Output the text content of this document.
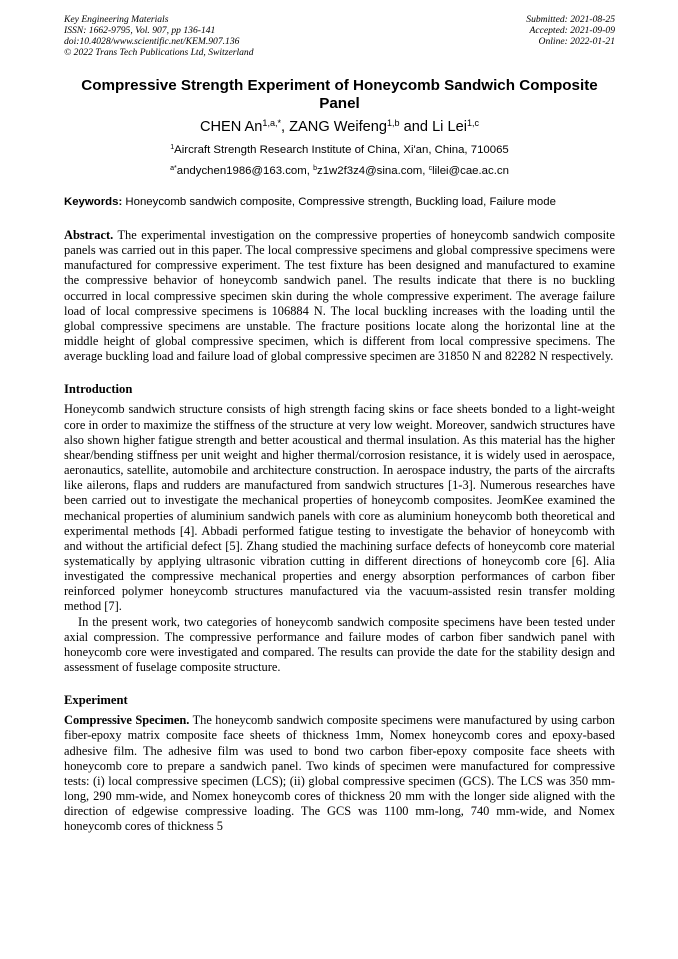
Key Engineering Materials
ISSN: 1662-9795, Vol. 907, pp 136-141
doi:10.4028/www.scientific.net/KEM.907.136
© 2022 Trans Tech Publications Ltd, Switzerland
Submitted: 2021-08-25
Accepted: 2021-09-09
Online: 2022-01-21
Compressive Strength Experiment of Honeycomb Sandwich Composite Panel
CHEN $An^{1,a,*}$, ZANG Weifeng$^{1,b}$ and Li Lei$^{1,c}$
$^1$Aircraft Strength Research Institute of China, Xi'an, China, 710065
$^{a*}$andychen1986@163.com, $^b$z1w2f3z4@sina.com, $^c$lilei@cae.ac.cn
Keywords: Honeycomb sandwich composite, Compressive strength, Buckling load, Failure mode
Abstract. The experimental investigation on the compressive properties of honeycomb sandwich composite panels was carried out in this paper. The local compressive specimens and global compressive specimens were manufactured for compressive experiment. The test fixture has been designed and manufactured to examine the compressive behavior of honeycomb sandwich panel. The results indicate that there is no buckling occurred in local compressive specimen skin during the whole compressive experiment. The average failure load of local compressive specimens is 106884 N. The local buckling increases with the loading until the global compressive specimens are unstable. The fracture positions locate along the horizontal line at the middle height of global compressive specimen, which is different from local compressive specimens. The average buckling load and failure load of global compressive specimen are 31850 N and 82282 N respectively.
Introduction
Honeycomb sandwich structure consists of high strength facing skins or face sheets bonded to a light-weight core in order to maximize the stiffness of the structure at very low weight. Moreover, sandwich structures have also shown higher fatigue strength and better acoustical and thermal insulation. As this material has the higher shear/bending stiffness per unit weight and higher thermal/corrosion resistance, it is widely used in aerospace, aeronautics, satellite, automobile and architecture construction. In aerospace industry, the parts of the aircrafts like ailerons, flaps and rudders are manufactured from sandwich structures [1-3]. Numerous researches have been carried out to investigate the mechanical properties of honeycomb composites. JeomKee examined the mechanical properties of aluminium sandwich panels with core as aluminium honeycomb both theoretical and experimental methods [4]. Abbadi performed fatigue testing to investigate the behavior of honeycomb with and without the artificial defect [5]. Zhang studied the machining surface defects of honeycomb core material systematically by applying ultrasonic vibration cutting in different directions of honeycomb core [6]. Alia investigated the compressive mechanical properties and energy absorption performances of carbon fiber reinforced polymer honeycomb structures manufactured via the vacuum-assisted resin transfer molding method [7].
In the present work, two categories of honeycomb sandwich composite specimens have been tested under axial compression. The compressive performance and failure modes of carbon fiber sandwich panel with honeycomb core were investigated and compared. The results can provide the date for the stability design and assessment of fuselage composite structure.
Experiment
Compressive Specimen. The honeycomb sandwich composite specimens were manufactured by using carbon fiber-epoxy matrix composite face sheets of thickness 1mm, Nomex honeycomb cores and epoxy-based adhesive film. The adhesive film was used to bond two carbon fiber-epoxy composite face sheets with honeycomb core to prepare a sandwich panel. Two kinds of specimen were manufactured for compressive tests: (i) local compressive specimen (LCS); (ii) global compressive specimen (GCS). The LCS was 350 mm-long, 290 mm-wide, and Nomex honeycomb cores of thickness 20 mm with the longer side aligned with the direction of edgewise compressive loading. The GCS was 1100 mm-long, 740 mm-wide, and Nomex honeycomb cores of thickness 5
